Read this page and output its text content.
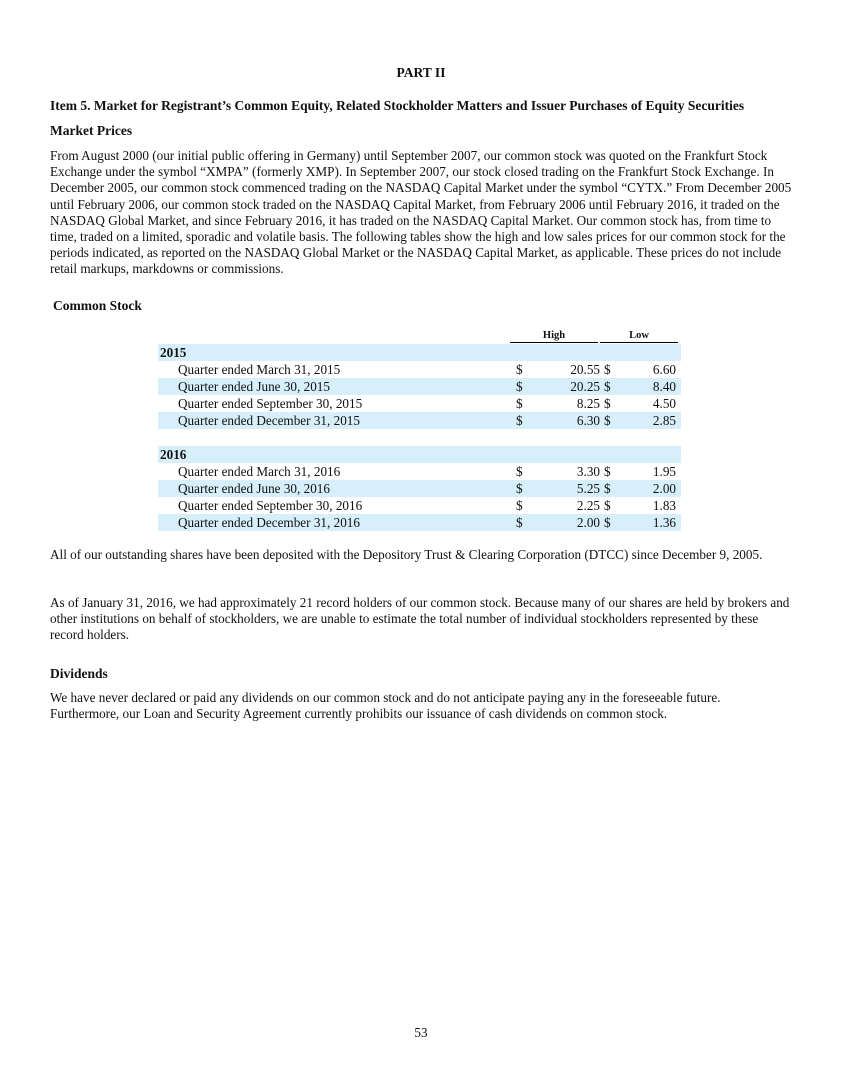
PART II
Item 5. Market for Registrant’s Common Equity, Related Stockholder Matters and Issuer Purchases of Equity Securities
Market Prices

From August 2000 (our initial public offering in Germany) until September 2007, our common stock was quoted on the Frankfurt Stock Exchange under the symbol “XMPA” (formerly XMP). In September 2007, our stock closed trading on the Frankfurt Stock Exchange. In December 2005, our common stock commenced trading on the NASDAQ Capital Market under the symbol “CYTX.” From December 2005 until February 2006, our common stock traded on the NASDAQ Capital Market, from February 2006 until February 2016, it traded on the NASDAQ Global Market, and since February 2016, it has traded on the NASDAQ Capital Market. Our common stock has, from time to time, traded on a limited, sporadic and volatile basis. The following tables show the high and low sales prices for our common stock for the periods indicated, as reported on the NASDAQ Global Market or the NASDAQ Capital Market, as applicable. These prices do not include retail markups, markdowns or commissions.

Common Stock
High	Low
2015
Quarter ended March 31, 2015	$	20.55 $	6.60
Quarter ended June 30, 2015	$	20.25 $	8.40
Quarter ended September 30, 2015	$	8.25 $	4.50
Quarter ended December 31, 2015	$	6.30 $	2.85
2016
Quarter ended March 31, 2016	$	3.30 $	1.95
Quarter ended June 30, 2016	$	5.25 $	2.00
Quarter ended September 30, 2016	$	2.25 $	1.83
Quarter ended December 31, 2016	$	2.00 $	1.36

All of our outstanding shares have been deposited with the Depository Trust & Clearing Corporation (DTCC) since December 9, 2005.

As of January 31, 2016, we had approximately 21 record holders of our common stock. Because many of our shares are held by brokers and other institutions on behalf of stockholders, we are unable to estimate the total number of individual stockholders represented by these record holders.

Dividends

We have never declared or paid any dividends on our common stock and do not anticipate paying any in the foreseeable future. Furthermore, our Loan and Security Agreement currently prohibits our issuance of cash dividends on common stock.

53
